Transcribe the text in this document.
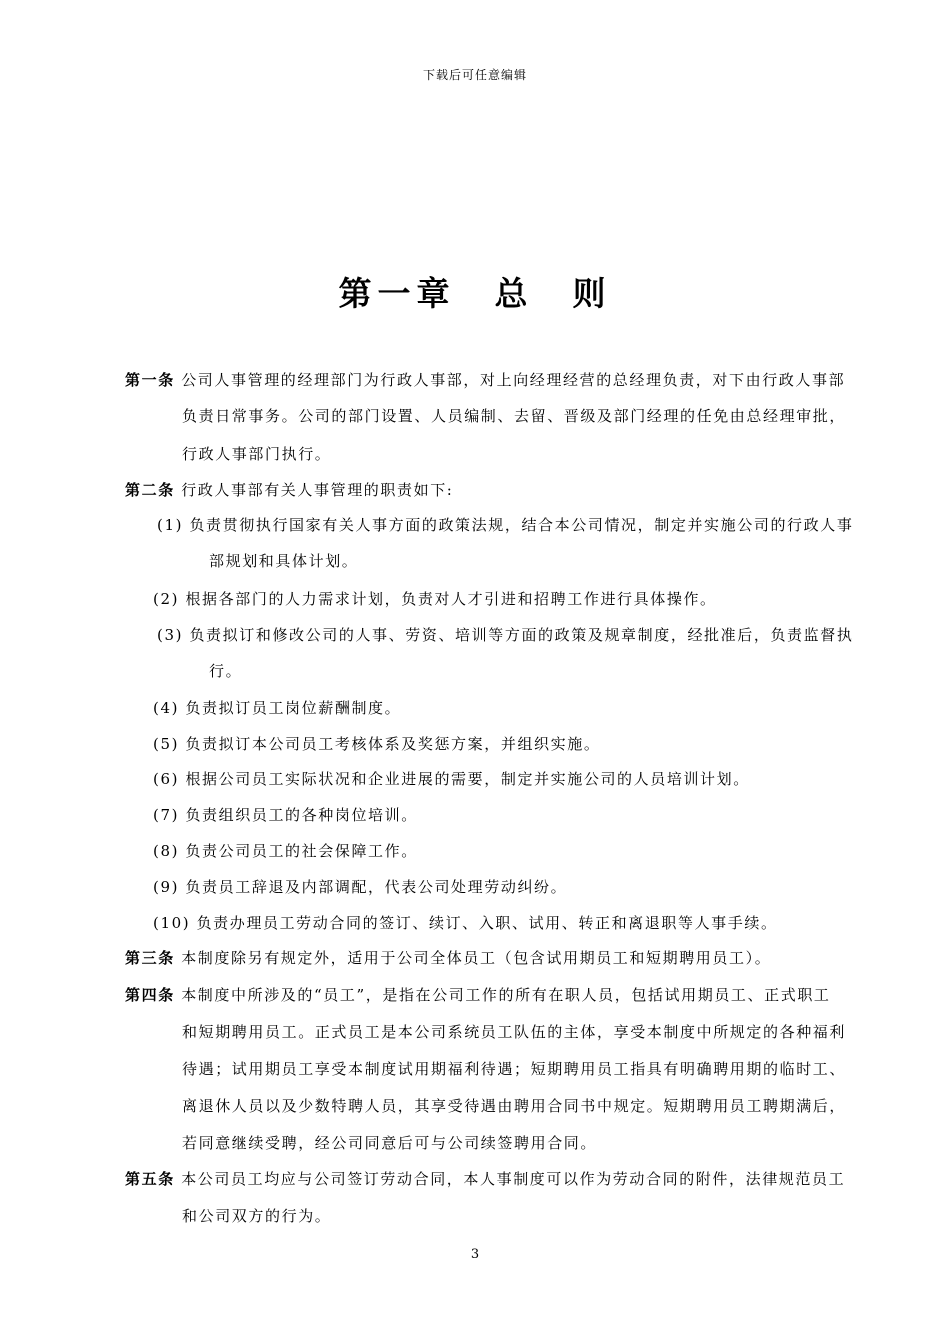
下载后可任意编辑
第一章　总　则
第一条 公司人事管理的经理部门为行政人事部，对上向经理经营的总经理负责，对下由行政人事部
负责日常事务。公司的部门设置、人员编制、去留、晋级及部门经理的任免由总经理审批，
行政人事部门执行。
第二条 行政人事部有关人事管理的职责如下:
(1) 负责贯彻执行国家有关人事方面的政策法规，结合本公司情况，制定并实施公司的行政人事
部规划和具体计划。
(2) 根据各部门的人力需求计划，负责对人才引进和招聘工作进行具体操作。
(3) 负责拟订和修改公司的人事、劳资、培训等方面的政策及规章制度，经批准后，负责监督执
行。
(4) 负责拟订员工岗位薪酬制度。
(5) 负责拟订本公司员工考核体系及奖惩方案，并组织实施。
(6) 根据公司员工实际状况和企业进展的需要，制定并实施公司的人员培训计划。
(7) 负责组织员工的各种岗位培训。
(8) 负责公司员工的社会保障工作。
(9) 负责员工辞退及内部调配，代表公司处理劳动纠纷。
(10) 负责办理员工劳动合同的签订、续订、入职、试用、转正和离退职等人事手续。
第三条 本制度除另有规定外，适用于公司全体员工（包含试用期员工和短期聘用员工）。
第四条 本制度中所涉及的“员工”，是指在公司工作的所有在职人员，包括试用期员工、正式职工
和短期聘用员工。正式员工是本公司系统员工队伍的主体，享受本制度中所规定的各种福利
待遇；试用期员工享受本制度试用期福利待遇；短期聘用员工指具有明确聘用期的临时工、
离退休人员以及少数特聘人员，其享受待遇由聘用合同书中规定。短期聘用员工聘期满后，
若同意继续受聘，经公司同意后可与公司续签聘用合同。
第五条 本公司员工均应与公司签订劳动合同，本人事制度可以作为劳动合同的附件，法律规范员工
和公司双方的行为。
3
